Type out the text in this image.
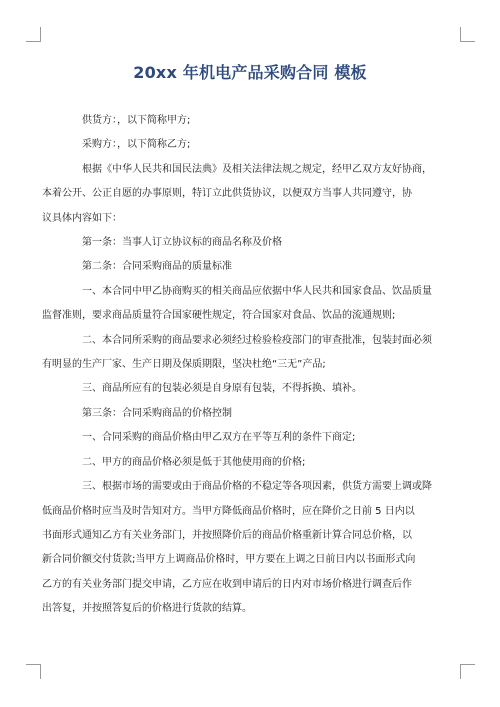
20xx 年机电产品采购合同 模板

供货方：，以下简称甲方;

采购方：，以下简称乙方;

根据《中华人民共和国民法典》及相关法律法规之规定，经甲乙双方友好协商，
本着公开、公正自愿的办事原则，特订立此供货协议，以便双方当事人共同遵守，协
议具体内容如下：

第一条：当事人订立协议标的商品名称及价格

第二条：合同采购商品的质量标准

一、本合同中甲乙协商购买的相关商品应依据中华人民共和国家食品、饮品质量
监督准则，要求商品质量符合国家硬性规定，符合国家对食品、饮品的流通规则;

二、本合同所采购的商品要求必须经过检验检疫部门的审查批准，包装封面必须
有明显的生产厂家、生产日期及保质期限，坚决杜绝“三无”产品;

三、商品所应有的包装必须是自身原有包装，不得拆换、填补。

第三条：合同采购商品的价格控制

一、合同采购的商品价格由甲乙双方在平等互利的条件下商定;

二、甲方的商品价格必须是低于其他使用商的价格;

三、根据市场的需要或由于商品价格的不稳定等各项因素，供货方需要上调或降
低商品价格时应当及时告知对方。当甲方降低商品价格时，应在降价之日前 5 日内以
书面形式通知乙方有关业务部门，并按照降价后的商品价格重新计算合同总价格，以
新合同价额交付货款;当甲方上调商品价格时，甲方要在上调之日前日内以书面形式向
乙方的有关业务部门提交申请，乙方应在收到申请后的日内对市场价格进行调查后作
出答复，并按照答复后的价格进行货款的结算。
